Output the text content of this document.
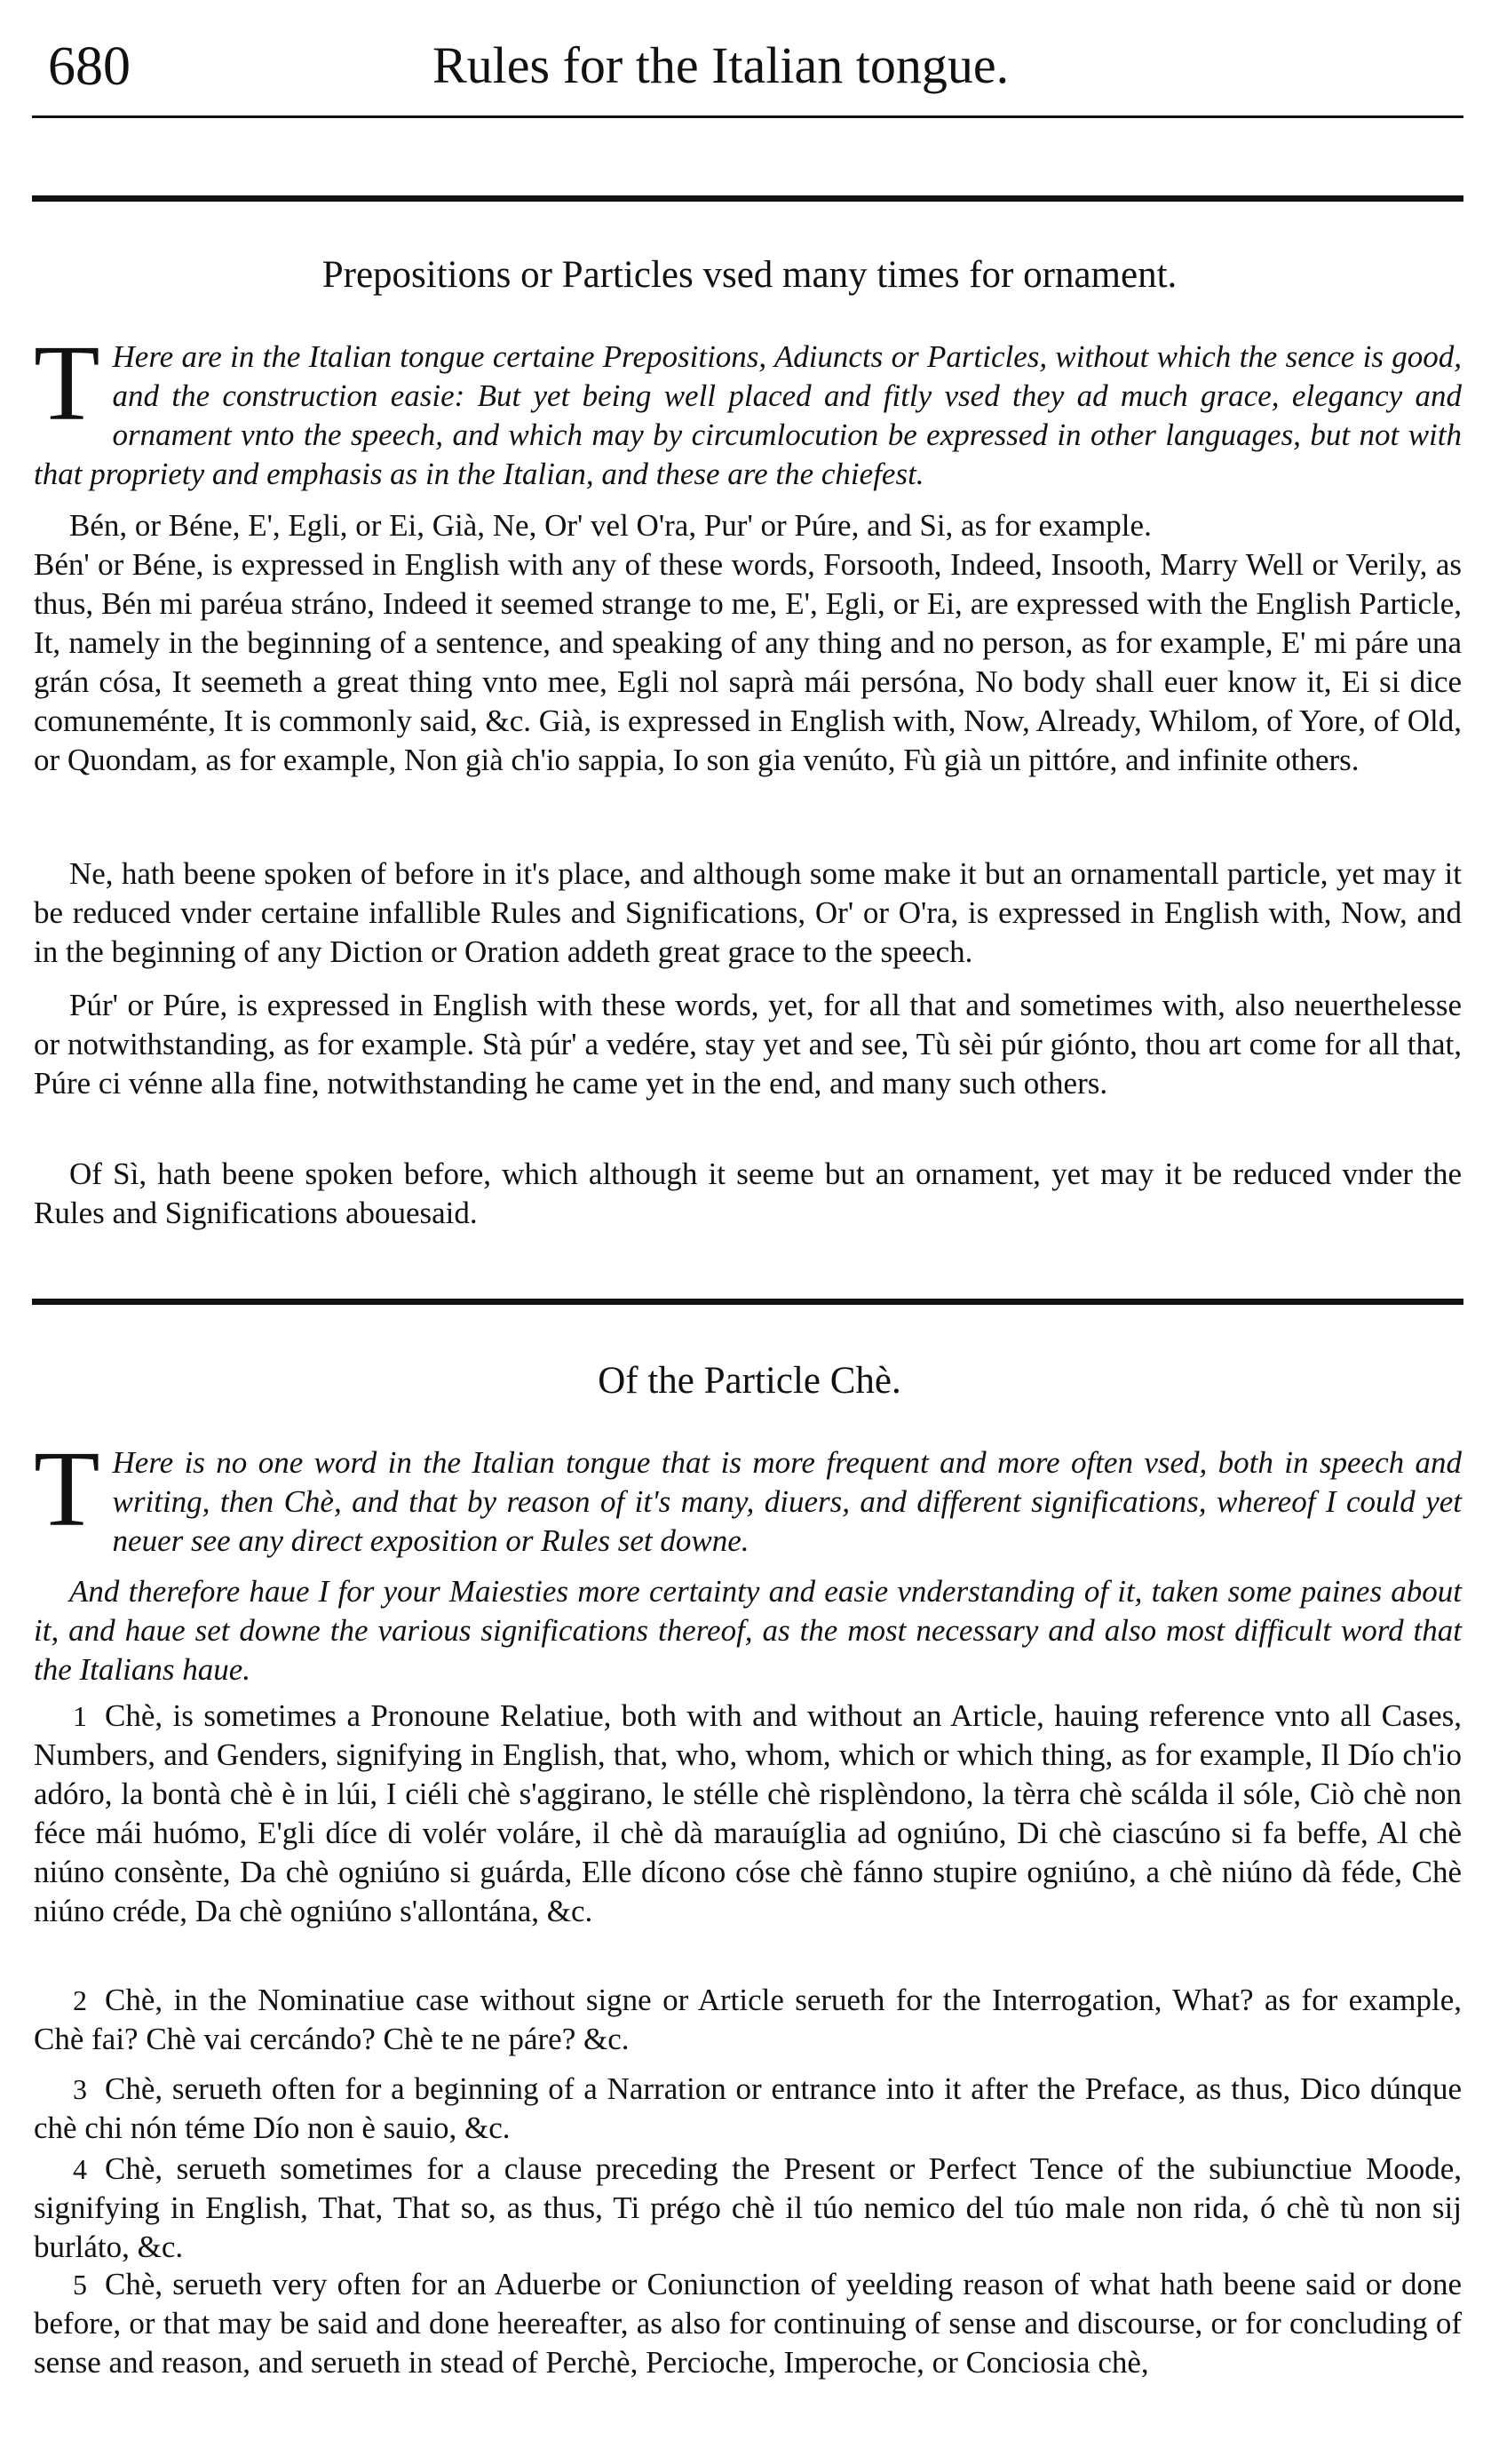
680	Rules for the Italian tongue.
Prepositions or Particles vsed many times for ornament.
T Here are in the Italian tongue certaine Prepositions, Adiuncts or Particles, without which the sence is good, and the construction easie: But yet being well placed and fitly vsed they ad much grace, elegancy and ornament vnto the speech, and which may by circumlocution be expressed in other languages, but not with that propriety and emphasis as in the Italian, and these are the chiefest.
Bén, or Béne, E', Egli, or Ei, Già, Ne, Or' vel O'ra, Pur' or Púre, and Si, as for example.
Bén' or Béne, is expressed in English with any of these words, Forsooth, Indeed, Insooth, Marry Well or Verily, as thus, Bén mi paréua stráno, Indeed it seemed strange to me, E', Egli, or Ei, are expressed with the English Particle, It, namely in the beginning of a sentence, and speaking of any thing and no person, as for example, E' mi páre una grán cósa, It seemeth a great thing vnto mee, Egli nol saprà mái persóna, No body shall euer know it, Ei si dice comuneménte, It is commonly said, &c. Già, is expressed in English with, Now, Already, Whilom, of Yore, of Old, or Quondam, as for example, Non già ch'io sappia, Io son gia venúto, Fù già un pittóre, and infinite others.
Ne, hath beene spoken of before in it's place, and although some make it but an ornamentall particle, yet may it be reduced vnder certaine infallible Rules and Significations, Or' or O'ra, is expressed in English with, Now, and in the beginning of any Diction or Oration addeth great grace to the speech.
Púr' or Púre, is expressed in English with these words, yet, for all that and sometimes with, also neuerthelesse or notwithstanding, as for example. Stà púr' a vedére, stay yet and see, Tù sèi púr giónto, thou art come for all that, Púre ci vénne alla fine, notwithstanding he came yet in the end, and many such others.
Of Sì, hath beene spoken before, which although it seeme but an ornament, yet may it be reduced vnder the Rules and Significations abouesaid.
Of the Particle Chè.
T Here is no one word in the Italian tongue that is more frequent and more often vsed, both in speech and writing, then Chè, and that by reason of it's many, diuers, and different significations, whereof I could yet neuer see any direct exposition or Rules set downe.
And therefore haue I for your Maiesties more certainty and easie vnderstanding of it, taken some paines about it, and haue set downe the various significations thereof, as the most necessary and also most difficult word that the Italians haue.
1 Chè, is sometimes a Pronoune Relatiue, both with and without an Article, hauing reference vnto all Cases, Numbers, and Genders, signifying in English, that, who, whom, which or which thing, as for example, Il Dío ch'io adóro, la bontà chè è in lúi, I ciéli chè s'aggirano, le stélle chè risplèndono, la tèrra chè scálda il sóle, Ciò chè non féce mái huómo, E'gli díce di volér voláre, il chè dà marauíglia ad ogniúno, Di chè ciascúno si fa beffe, Al chè niúno consènte, Da chè ogniúno si guárda, Elle dícono cóse chè fánno stupire ogniúno, a chè niúno dà féde, Chè niúno créde, Da chè ogniúno s'allontána, &c.
2 Chè, in the Nominatiue case without signe or Article serueth for the Interrogation, What? as for example, Chè fai? Chè vai cercándo? Chè te ne páre? &c.
3 Chè, serueth often for a beginning of a Narration or entrance into it after the Preface, as thus, Dico dúnque chè chi nón téme Dío non è sauio, &c.
4 Chè, serueth sometimes for a clause preceding the Present or Perfect Tence of the subiunctiue Moode, signifying in English, That, That so, as thus, Ti prégo chè il túo nemico del túo male non rida, ó chè tù non sij burláto, &c.
5 Chè, serueth very often for an Aduerbe or Coniunction of yeelding reason of what hath beene said or done before, or that may be said and done heereafter, as also for continuing of sense and discourse, or for concluding of sense and reason, and serueth in stead of Perchè, Percioche, Imperoche, or Conciosia chè,
